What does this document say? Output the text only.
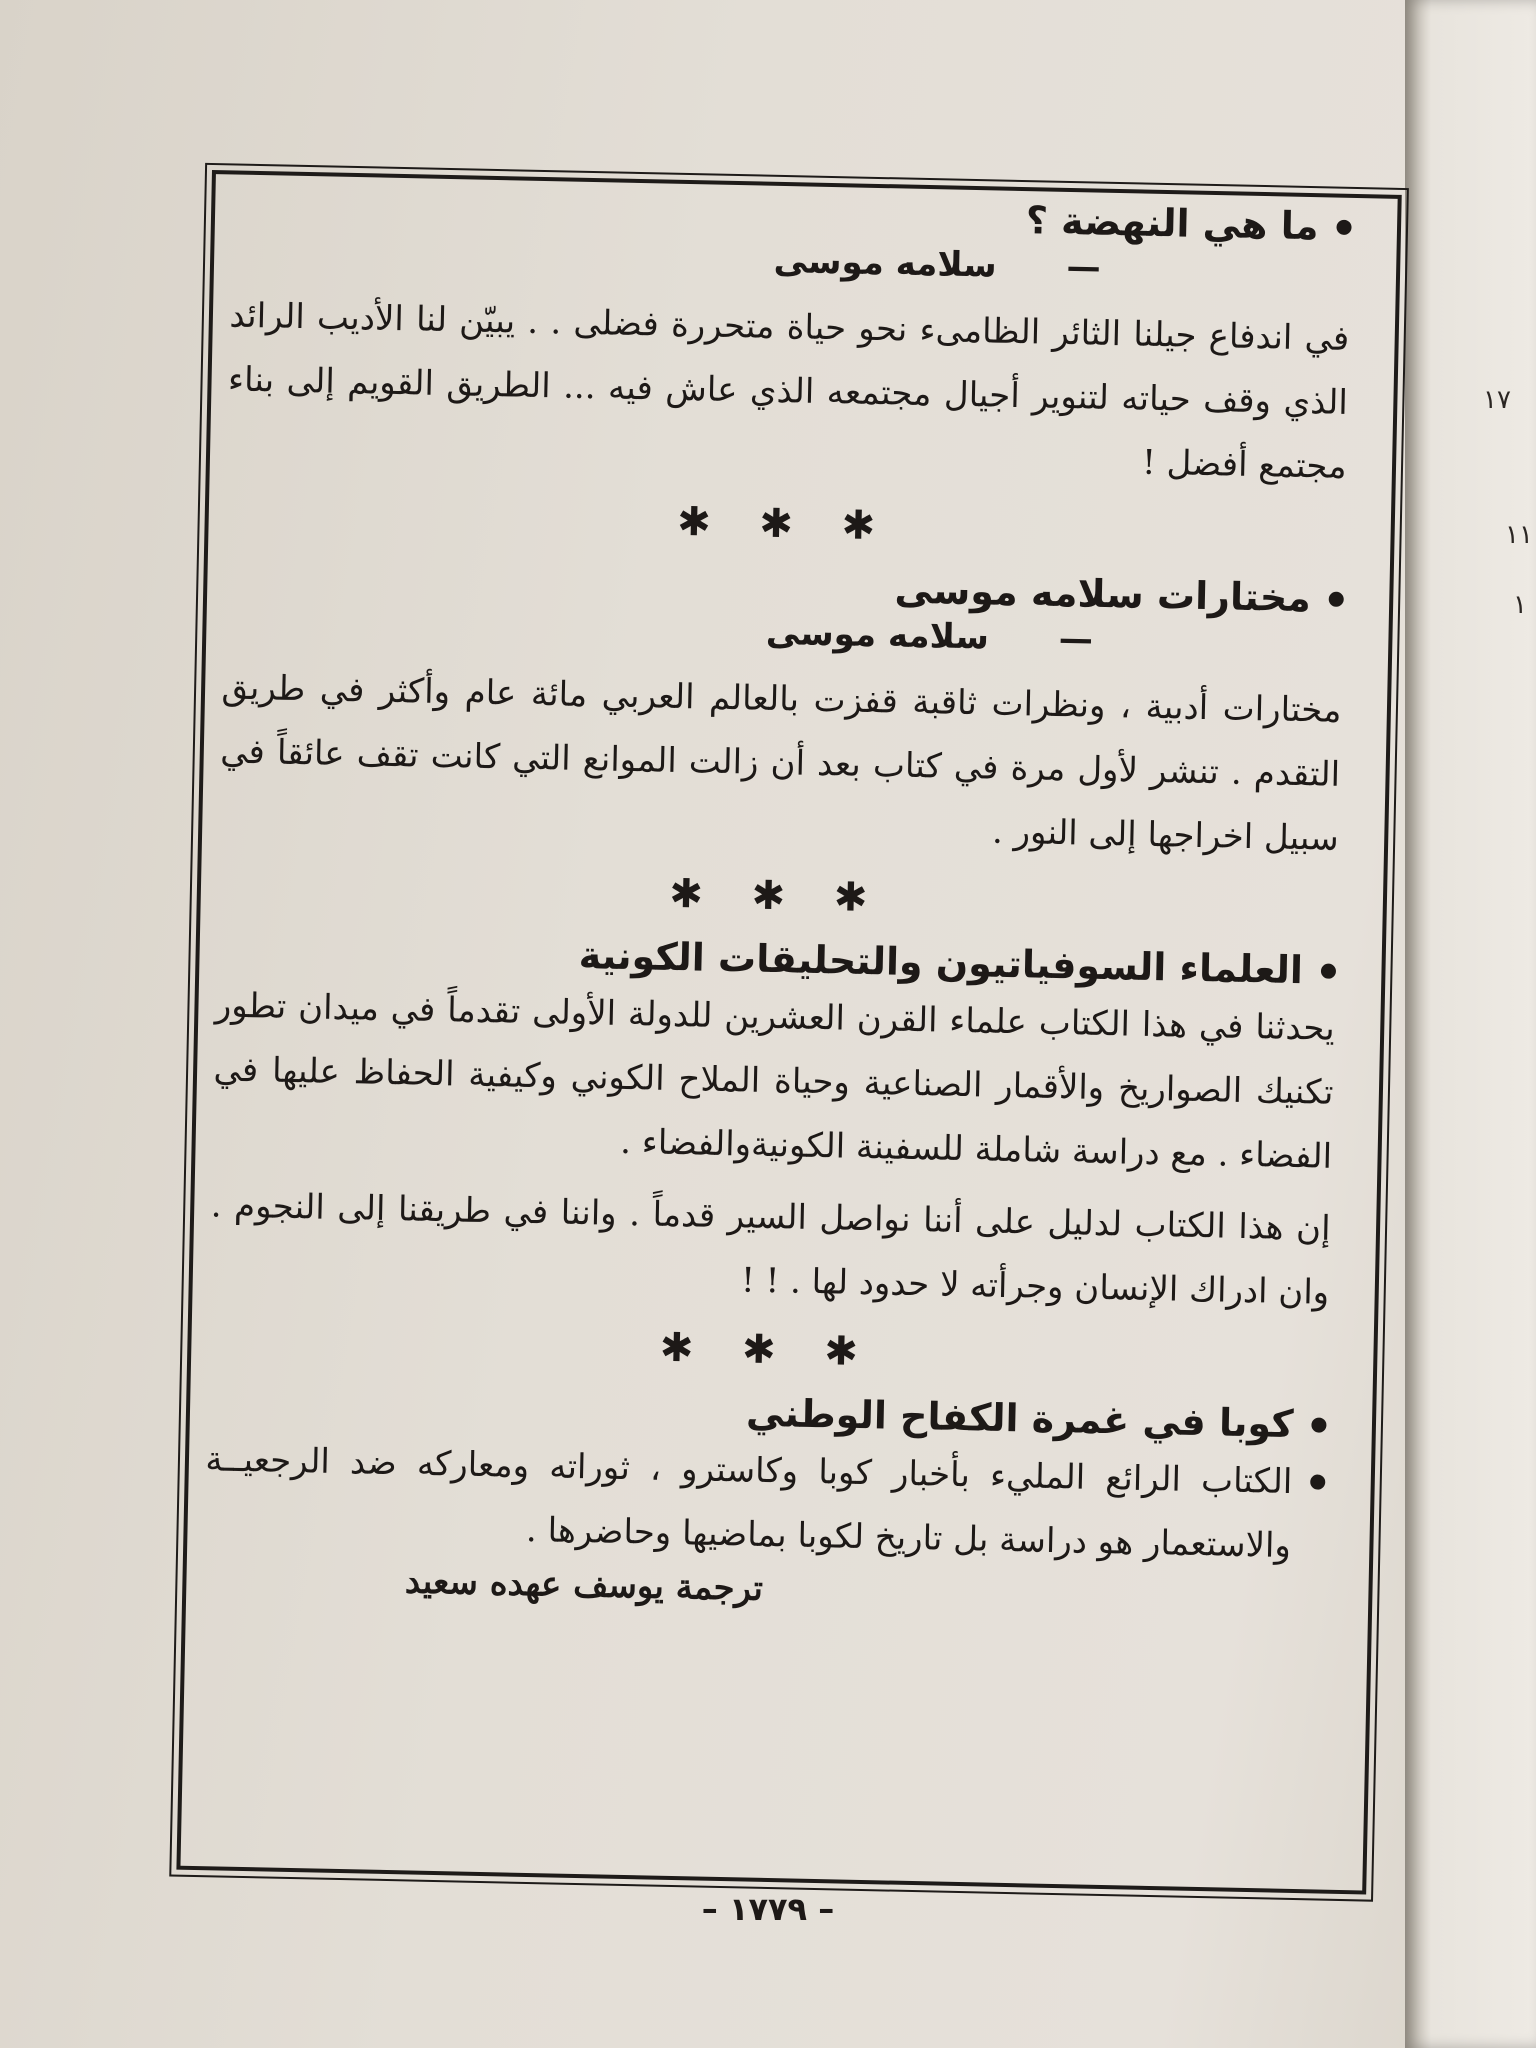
١٧
١١
١
ما هي النهضة ؟
—
سلامه موسى

في اندفاع جيلنا الثائر الظامىء نحو حياة متحررة فضلى . . يبيّن لنا الأديب الرائد الذي وقف حياته لتنوير أجيال مجتمعه الذي عاش فيه ... الطريق القويم إلى بناء مجتمع أفضل !

✱ ✱ ✱
مختارات سلامه موسى
—
سلامه موسى

مختارات أدبية ، ونظرات ثاقبة قفزت بالعالم العربي مائة عام وأكثر في طريق التقدم . تنشر لأول مرة في كتاب بعد أن زالت الموانع التي كانت تقف عائقاً في سبيل اخراجها إلى النور .

✱ ✱ ✱
العلماء السوفياتيون والتحليقات الكونية

يحدثنا في هذا الكتاب علماء القرن العشرين للدولة الأولى تقدماً في ميدان تطور تكنيك الصواريخ والأقمار الصناعية وحياة الملاح الكوني وكيفية الحفاظ عليها في الفضاء . مع دراسة شاملة للسفينة الكونيةوالفضاء .

إن هذا الكتاب لدليل على أننا نواصل السير قدماً . واننا في طريقنا إلى النجوم . وان ادراك الإنسان وجرأته لا حدود لها . ! !

✱ ✱ ✱
كوبا في غمرة الكفاح الوطني

الكتاب الرائع المليء بأخبار كوبا وكاسترو ، ثوراته ومعاركه ضد الرجعيــة والاستعمار هو دراسة بل تاريخ لكوبا بماضيها وحاضرها .

ترجمة يوسف عهده سعيد
– ١٧٧٩ –
